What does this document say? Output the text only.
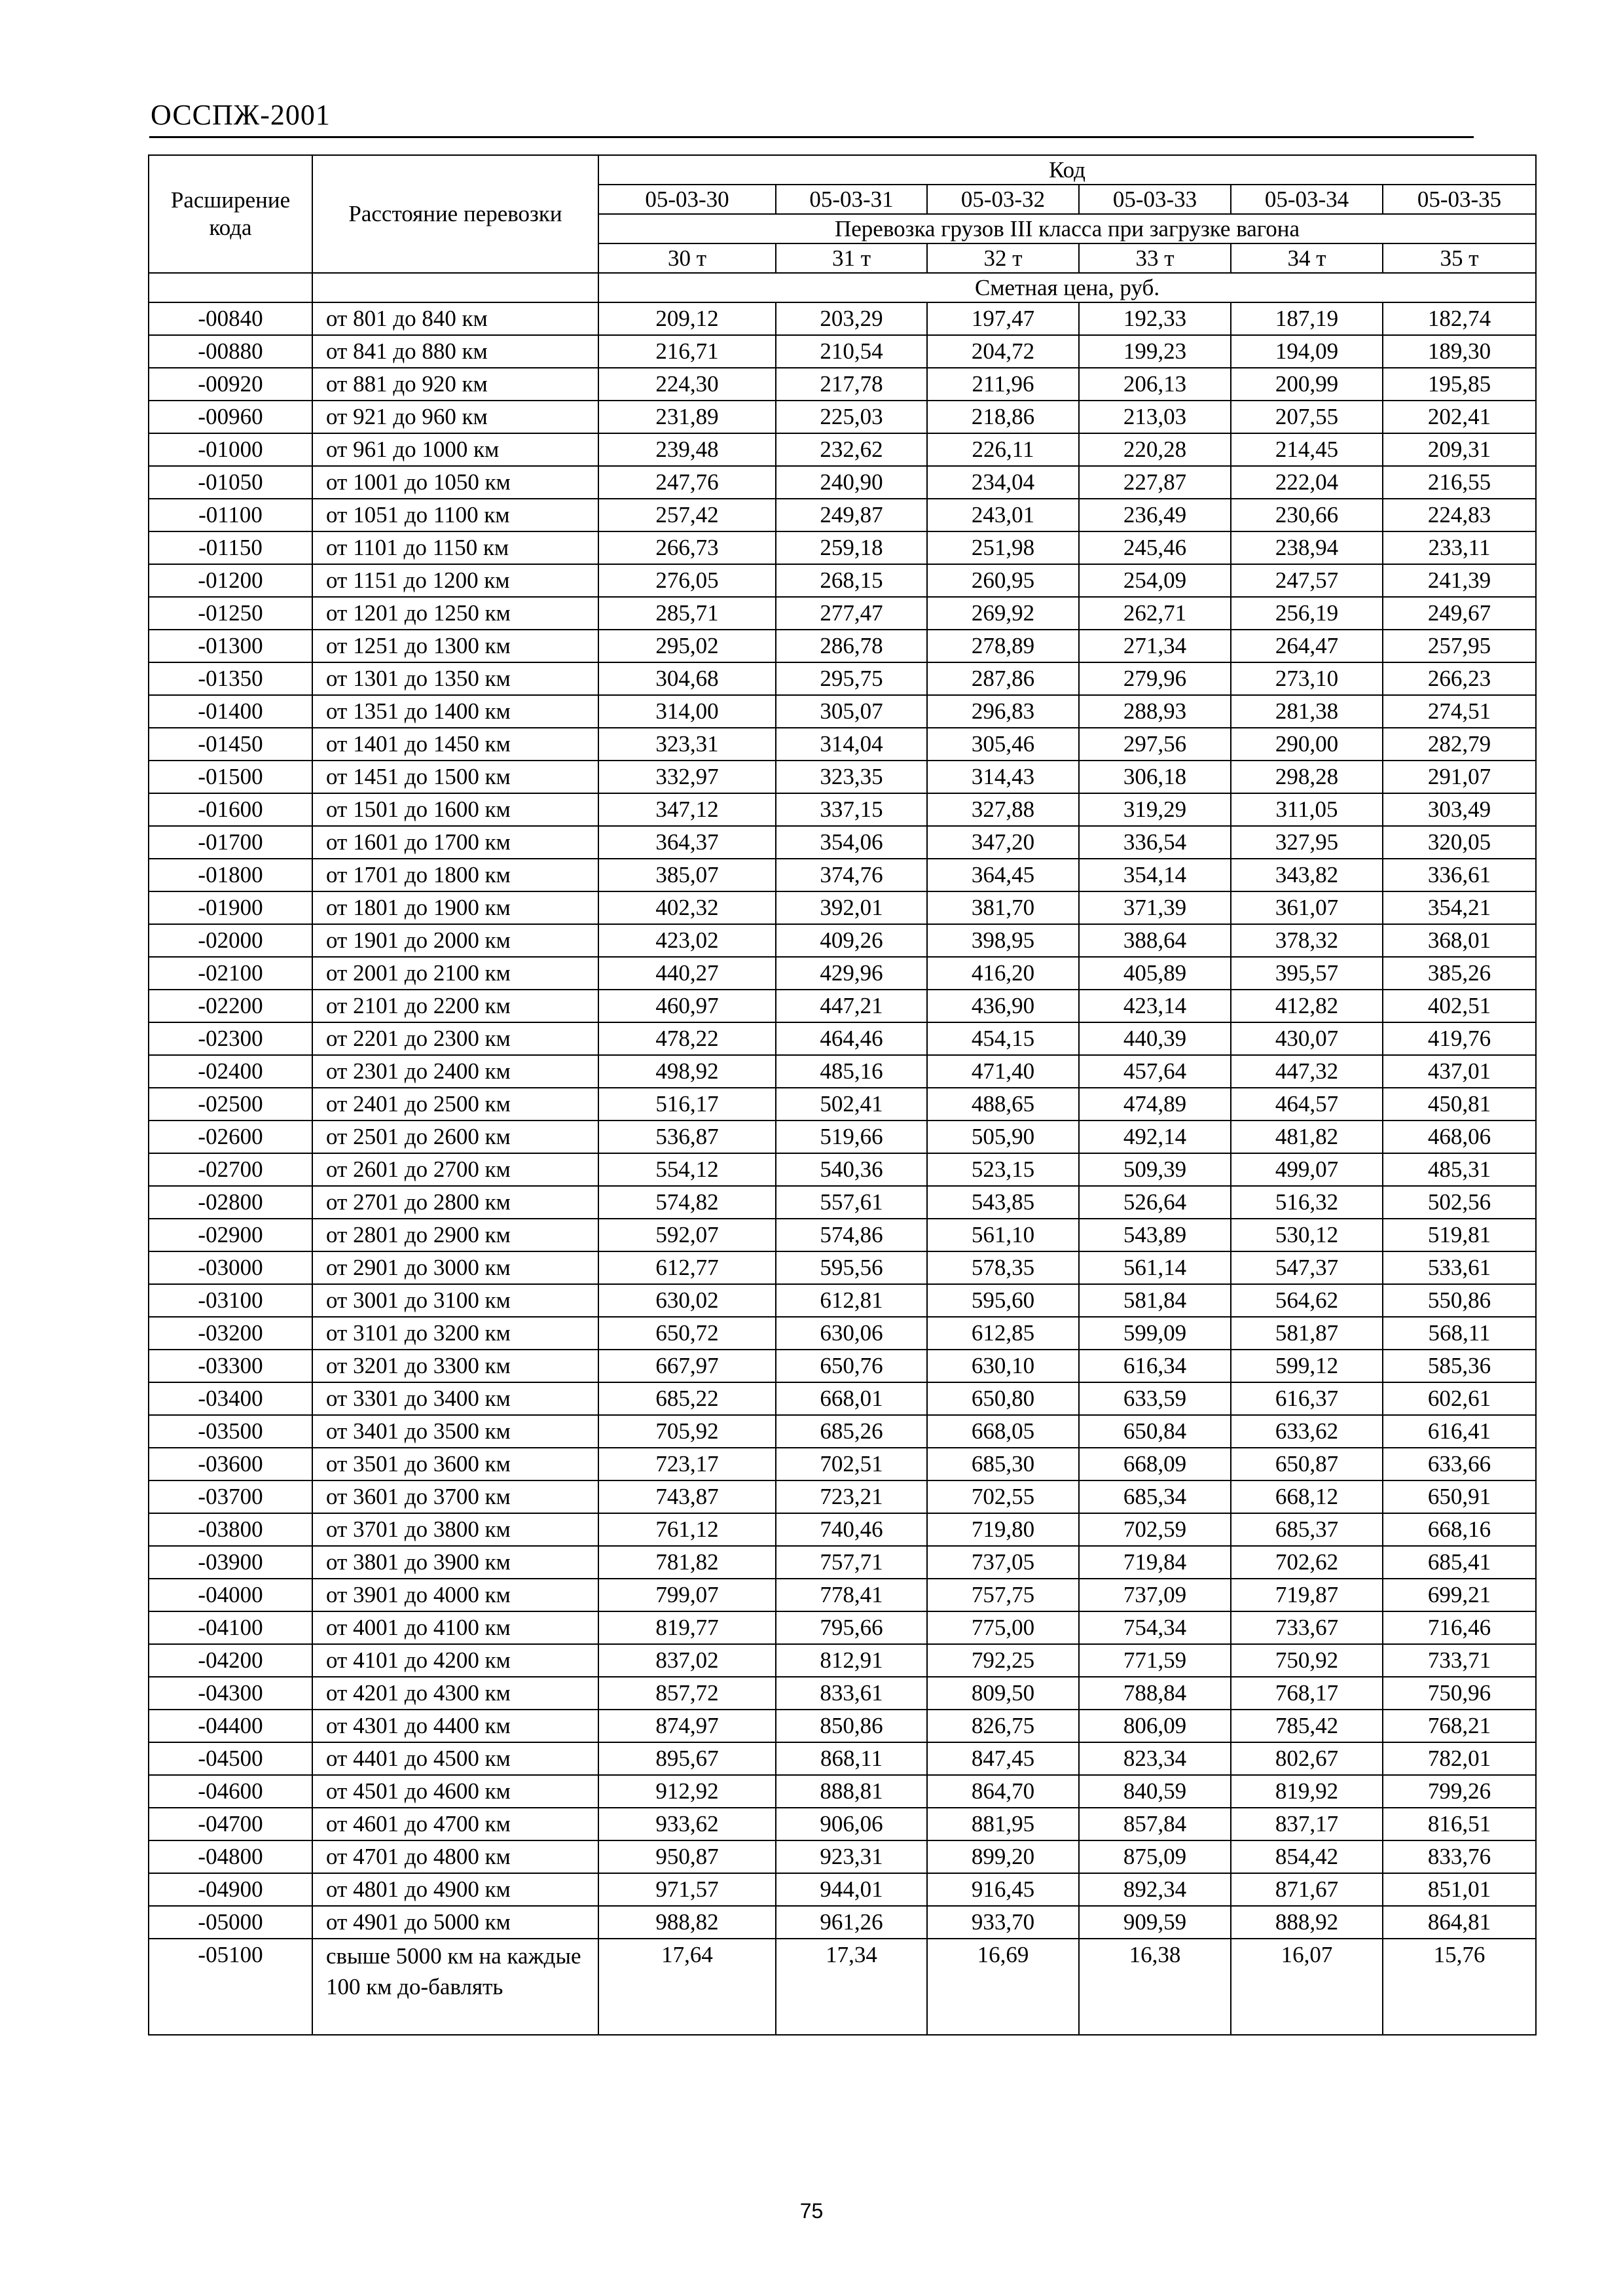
ОССПЖ-2001
Расширение кода	Расстояние перевозки	Код					
		05-03-30	05-03-31	05-03-32	05-03-33	05-03-34	05-03-35
		Перевозка грузов III класса при загрузке вагона					
		30 т	31 т	32 т	33 т	34 т	35 т
		Сметная цена, руб.					
-00840	от 801 до 840 км	209,12	203,29	197,47	192,33	187,19	182,74
-00880	от 841 до 880 км	216,71	210,54	204,72	199,23	194,09	189,30
-00920	от 881 до 920 км	224,30	217,78	211,96	206,13	200,99	195,85
-00960	от 921 до 960 км	231,89	225,03	218,86	213,03	207,55	202,41
-01000	от 961 до 1000 км	239,48	232,62	226,11	220,28	214,45	209,31
-01050	от 1001 до 1050 км	247,76	240,90	234,04	227,87	222,04	216,55
-01100	от 1051 до 1100 км	257,42	249,87	243,01	236,49	230,66	224,83
-01150	от 1101 до 1150 км	266,73	259,18	251,98	245,46	238,94	233,11
-01200	от 1151 до 1200 км	276,05	268,15	260,95	254,09	247,57	241,39
-01250	от 1201 до 1250 км	285,71	277,47	269,92	262,71	256,19	249,67
-01300	от 1251 до 1300 км	295,02	286,78	278,89	271,34	264,47	257,95
-01350	от 1301 до 1350 км	304,68	295,75	287,86	279,96	273,10	266,23
-01400	от 1351 до 1400 км	314,00	305,07	296,83	288,93	281,38	274,51
-01450	от 1401 до 1450 км	323,31	314,04	305,46	297,56	290,00	282,79
-01500	от 1451 до 1500 км	332,97	323,35	314,43	306,18	298,28	291,07
-01600	от 1501 до 1600 км	347,12	337,15	327,88	319,29	311,05	303,49
-01700	от 1601 до 1700 км	364,37	354,06	347,20	336,54	327,95	320,05
-01800	от 1701 до 1800 км	385,07	374,76	364,45	354,14	343,82	336,61
-01900	от 1801 до 1900 км	402,32	392,01	381,70	371,39	361,07	354,21
-02000	от 1901 до 2000 км	423,02	409,26	398,95	388,64	378,32	368,01
-02100	от 2001 до 2100 км	440,27	429,96	416,20	405,89	395,57	385,26
-02200	от 2101 до 2200 км	460,97	447,21	436,90	423,14	412,82	402,51
-02300	от 2201 до 2300 км	478,22	464,46	454,15	440,39	430,07	419,76
-02400	от 2301 до 2400 км	498,92	485,16	471,40	457,64	447,32	437,01
-02500	от 2401 до 2500 км	516,17	502,41	488,65	474,89	464,57	450,81
-02600	от 2501 до 2600 км	536,87	519,66	505,90	492,14	481,82	468,06
-02700	от 2601 до 2700 км	554,12	540,36	523,15	509,39	499,07	485,31
-02800	от 2701 до 2800 км	574,82	557,61	543,85	526,64	516,32	502,56
-02900	от 2801 до 2900 км	592,07	574,86	561,10	543,89	530,12	519,81
-03000	от 2901 до 3000 км	612,77	595,56	578,35	561,14	547,37	533,61
-03100	от 3001 до 3100 км	630,02	612,81	595,60	581,84	564,62	550,86
-03200	от 3101 до 3200 км	650,72	630,06	612,85	599,09	581,87	568,11
-03300	от 3201 до 3300 км	667,97	650,76	630,10	616,34	599,12	585,36
-03400	от 3301 до 3400 км	685,22	668,01	650,80	633,59	616,37	602,61
-03500	от 3401 до 3500 км	705,92	685,26	668,05	650,84	633,62	616,41
-03600	от 3501 до 3600 км	723,17	702,51	685,30	668,09	650,87	633,66
-03700	от 3601 до 3700 км	743,87	723,21	702,55	685,34	668,12	650,91
-03800	от 3701 до 3800 км	761,12	740,46	719,80	702,59	685,37	668,16
-03900	от 3801 до 3900 км	781,82	757,71	737,05	719,84	702,62	685,41
-04000	от 3901 до 4000 км	799,07	778,41	757,75	737,09	719,87	699,21
-04100	от 4001 до 4100 км	819,77	795,66	775,00	754,34	733,67	716,46
-04200	от 4101 до 4200 км	837,02	812,91	792,25	771,59	750,92	733,71
-04300	от 4201 до 4300 км	857,72	833,61	809,50	788,84	768,17	750,96
-04400	от 4301 до 4400 км	874,97	850,86	826,75	806,09	785,42	768,21
-04500	от 4401 до 4500 км	895,67	868,11	847,45	823,34	802,67	782,01
-04600	от 4501 до 4600 км	912,92	888,81	864,70	840,59	819,92	799,26
-04700	от 4601 до 4700 км	933,62	906,06	881,95	857,84	837,17	816,51
-04800	от 4701 до 4800 км	950,87	923,31	899,20	875,09	854,42	833,76
-04900	от 4801 до 4900 км	971,57	944,01	916,45	892,34	871,67	851,01
-05000	от 4901 до 5000 км	988,82	961,26	933,70	909,59	888,92	864,81
-05100	свыше 5000 км на каждые 100 км до-бавлять	17,64	17,34	16,69	16,38	16,07	15,76
75
